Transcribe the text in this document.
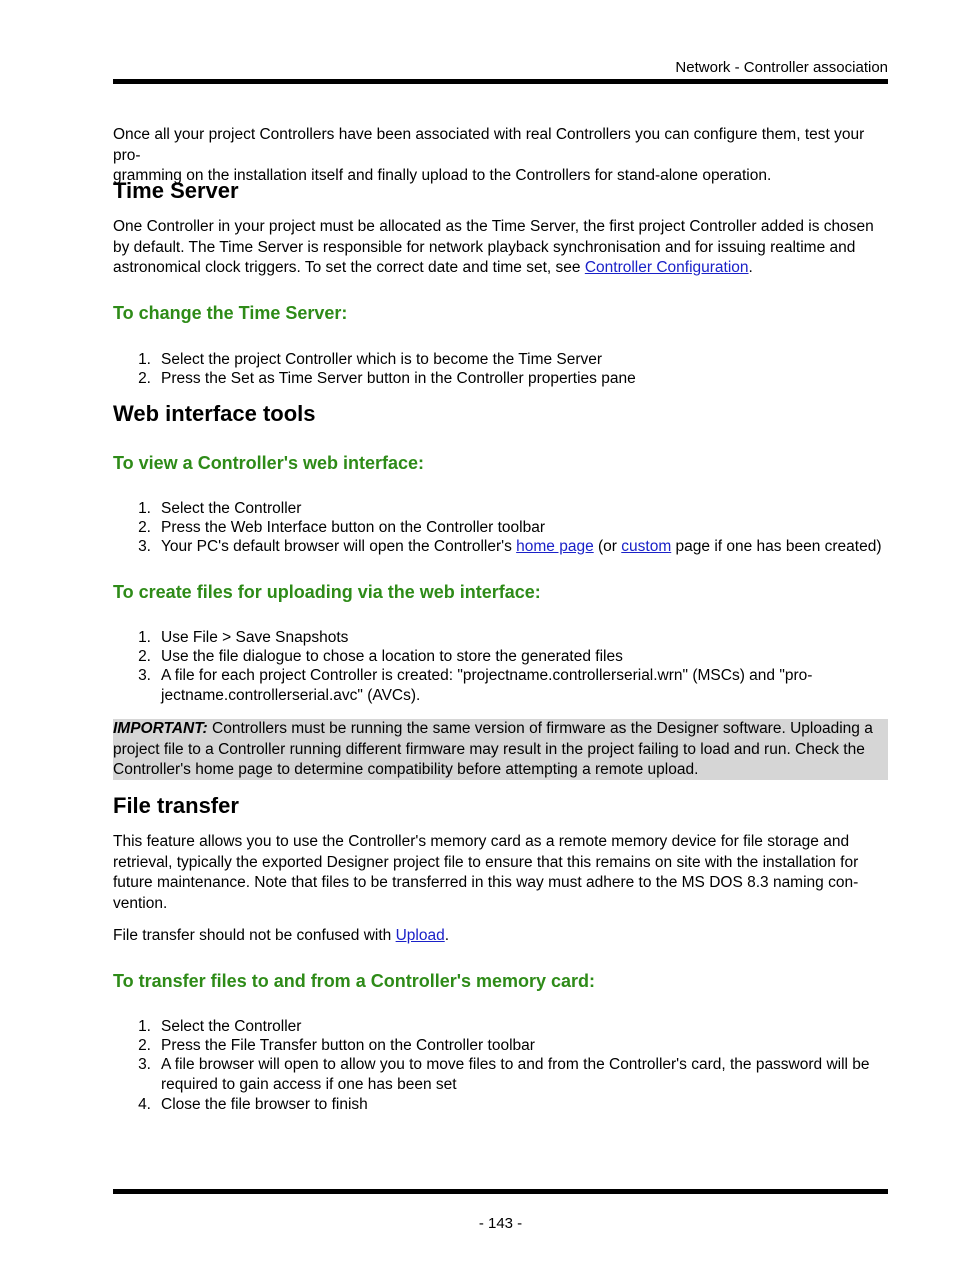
Network - Controller association
Once all your project Controllers have been associated with real Controllers you can configure them, test your pro-
gramming on the installation itself and finally upload to the Controllers for stand-alone operation.
Time Server
One Controller in your project must be allocated as the Time Server, the first project Controller added is chosen
by default. The Time Server is responsible for network playback synchronisation and for issuing realtime and
astronomical clock triggers. To set the correct date and time set, see Controller Configuration.
To change the Time Server:
1. Select the project Controller which is to become the Time Server
2. Press the Set as Time Server button in the Controller properties pane
Web interface tools
To view a Controller's web interface:
1. Select the Controller
2. Press the Web Interface button on the Controller toolbar
3. Your PC's default browser will open the Controller's home page (or custom page if one has been created)
To create files for uploading via the web interface:
1. Use File > Save Snapshots
2. Use the file dialogue to chose a location to store the generated files
3. A file for each project Controller is created: "projectname.controllerserial.wrn" (MSCs) and "pro-
jectname.controllerserial.avc" (AVCs).
IMPORTANT: Controllers must be running the same version of firmware as the Designer software. Uploading a
project file to a Controller running different firmware may result in the project failing to load and run. Check the
Controller's home page to determine compatibility before attempting a remote upload.
File transfer
This feature allows you to use the Controller's memory card as a remote memory device for file storage and
retrieval, typically the exported Designer project file to ensure that this remains on site with the installation for
future maintenance. Note that files to be transferred in this way must adhere to the MS DOS 8.3 naming con-
vention.
File transfer should not be confused with Upload.
To transfer files to and from a Controller's memory card:
1. Select the Controller
2. Press the File Transfer button on the Controller toolbar
3. A file browser will open to allow you to move files to and from the Controller's card, the password will be
required to gain access if one has been set
4. Close the file browser to finish
- 143 -
